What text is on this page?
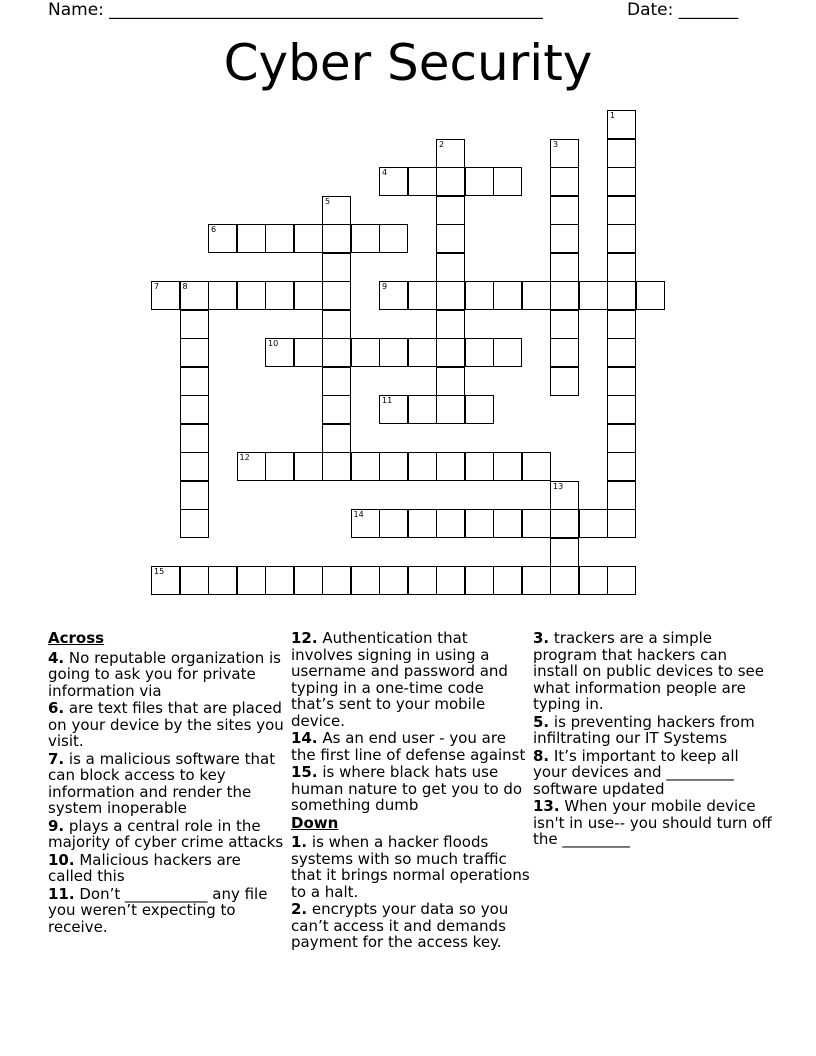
Name: ___________________________________________________	Date: _______
Cyber Security
1
2	3
4
5
6
7	8	9
10
11
12
13
14
15
Across
4. No reputable organization is going to ask you for private information via
6. are text files that are placed on your device by the sites you visit.
7. is a malicious software that can block access to key information and render the system inoperable
9. plays a central role in the majority of cyber crime attacks
10. Malicious hackers are called this
11. Don’t ___________ any file you weren’t expecting to receive.
12. Authentication that involves signing in using a username and password and typing in a one-time code that’s sent to your mobile device.
14. As an end user - you are the first line of defense against
15. is where black hats use human nature to get you to do something dumb
Down
1. is when a hacker floods systems with so much traffic that it brings normal operations to a halt.
2. encrypts your data so you can’t access it and demands payment for the access key.
3. trackers are a simple program that hackers can install on public devices to see what information people are typing in.
5. is preventing hackers from infiltrating our IT Systems
8. It’s important to keep all your devices and _________ software updated
13. When your mobile device isn't in use-- you should turn off the _________
